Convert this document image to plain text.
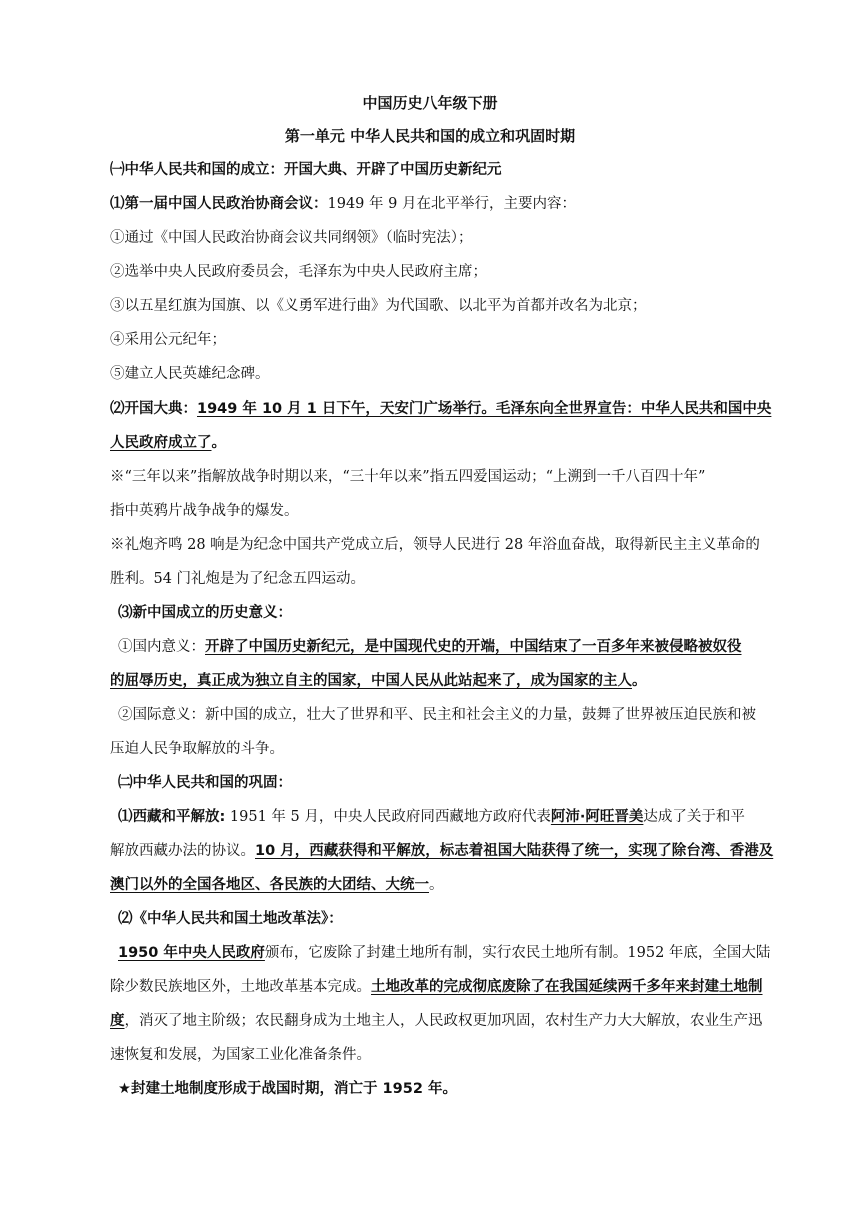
中国历史八年级下册
第一单元 中华人民共和国的成立和巩固时期
㈠中华人民共和国的成立：开国大典、开辟了中国历史新纪元
⑴第一届中国人民政治协商会议：1949 年 9 月在北平举行，主要内容：
①通过《中国人民政治协商会议共同纲领》（临时宪法）；
②选举中央人民政府委员会，毛泽东为中央人民政府主席；
③以五星红旗为国旗、以《义勇军进行曲》为代国歌、以北平为首都并改名为北京；
④采用公元纪年；
⑤建立人民英雄纪念碑。
⑵开国大典：1949 年 10 月 1 日下午，天安门广场举行。毛泽东向全世界宣告：中华人民共和国中央
人民政府成立了。
※“三年以来”指解放战争时期以来，“三十年以来”指五四爱国运动；“上溯到一千八百四十年”
指中英鸦片战争战争的爆发。
※礼炮齐鸣 28 响是为纪念中国共产党成立后，领导人民进行 28 年浴血奋战，取得新民主主义革命的
胜利。54 门礼炮是为了纪念五四运动。
⑶新中国成立的历史意义：
①国内意义：开辟了中国历史新纪元，是中国现代史的开端，中国结束了一百多年来被侵略被奴役
的屈辱历史，真正成为独立自主的国家，中国人民从此站起来了，成为国家的主人。
②国际意义：新中国的成立，壮大了世界和平、民主和社会主义的力量，鼓舞了世界被压迫民族和被
压迫人民争取解放的斗争。
㈡中华人民共和国的巩固：
⑴西藏和平解放: 1951 年 5 月，中央人民政府同西藏地方政府代表阿沛·阿旺晋美达成了关于和平
解放西藏办法的协议。10 月，西藏获得和平解放，标志着祖国大陆获得了统一，实现了除台湾、香港及
澳门以外的全国各地区、各民族的大团结、大统一。
⑵《中华人民共和国土地改革法》：
1950 年中央人民政府颁布，它废除了封建土地所有制，实行农民土地所有制。1952 年底，全国大陆
除少数民族地区外，土地改革基本完成。土地改革的完成彻底废除了在我国延续两千多年来封建土地制
度，消灭了地主阶级；农民翻身成为土地主人，人民政权更加巩固，农村生产力大大解放，农业生产迅
速恢复和发展，为国家工业化准备条件。
★封建土地制度形成于战国时期，消亡于 1952 年。
